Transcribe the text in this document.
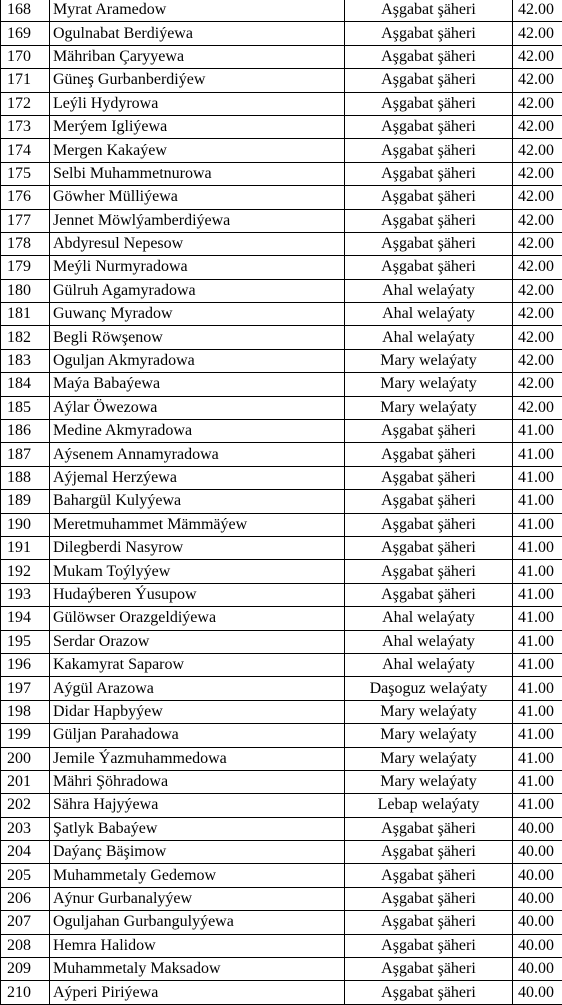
168	Myrat Aramedow	Aşgabat şäheri	42.00
169	Ogulnabat Berdiýewa	Aşgabat şäheri	42.00
170	Mähriban Çaryyewa	Aşgabat şäheri	42.00
171	Güneş Gurbanberdiýew	Aşgabat şäheri	42.00
172	Leýli Hydyrowa	Aşgabat şäheri	42.00
173	Merýem Igliýewa	Aşgabat şäheri	42.00
174	Mergen Kakaýew	Aşgabat şäheri	42.00
175	Selbi Muhammetnurowa	Aşgabat şäheri	42.00
176	Göwher Mülliýewa	Aşgabat şäheri	42.00
177	Jennet Möwlýamberdiýewa	Aşgabat şäheri	42.00
178	Abdyresul Nepesow	Aşgabat şäheri	42.00
179	Meýli Nurmyradowa	Aşgabat şäheri	42.00
180	Gülruh Agamyradowa	Ahal welaýaty	42.00
181	Guwanç Myradow	Ahal welaýaty	42.00
182	Begli Röwşenow	Ahal welaýaty	42.00
183	Oguljan Akmyradowa	Mary welaýaty	42.00
184	Maýa Babaýewa	Mary welaýaty	42.00
185	Aýlar Öwezowa	Mary welaýaty	42.00
186	Medine Akmyradowa	Aşgabat şäheri	41.00
187	Aýsenem Annamyradowa	Aşgabat şäheri	41.00
188	Aýjemal Herzýewa	Aşgabat şäheri	41.00
189	Bahargül Kulyýewa	Aşgabat şäheri	41.00
190	Meretmuhammet Mämmäýew	Aşgabat şäheri	41.00
191	Dilegberdi Nasyrow	Aşgabat şäheri	41.00
192	Mukam Toýlyýew	Aşgabat şäheri	41.00
193	Hudaýberen Ýusupow	Aşgabat şäheri	41.00
194	Gülöwser Orazgeldiýewa	Ahal welaýaty	41.00
195	Serdar Orazow	Ahal welaýaty	41.00
196	Kakamyrat Saparow	Ahal welaýaty	41.00
197	Aýgül Arazowa	Daşoguz welaýaty	41.00
198	Didar Hapbyýew	Mary welaýaty	41.00
199	Güljan Parahadowa	Mary welaýaty	41.00
200	Jemile Ýazmuhammedowa	Mary welaýaty	41.00
201	Mähri Şöhradowa	Mary welaýaty	41.00
202	Sähra Hajyýewa	Lebap welaýaty	41.00
203	Şatlyk Babaýew	Aşgabat şäheri	40.00
204	Daýanç Bäşimow	Aşgabat şäheri	40.00
205	Muhammetaly Gedemow	Aşgabat şäheri	40.00
206	Aýnur Gurbanalyýew	Aşgabat şäheri	40.00
207	Oguljahan Gurbangulyýewa	Aşgabat şäheri	40.00
208	Hemra Halidow	Aşgabat şäheri	40.00
209	Muhammetaly Maksadow	Aşgabat şäheri	40.00
210	Aýperi Piriýewa	Aşgabat şäheri	40.00
